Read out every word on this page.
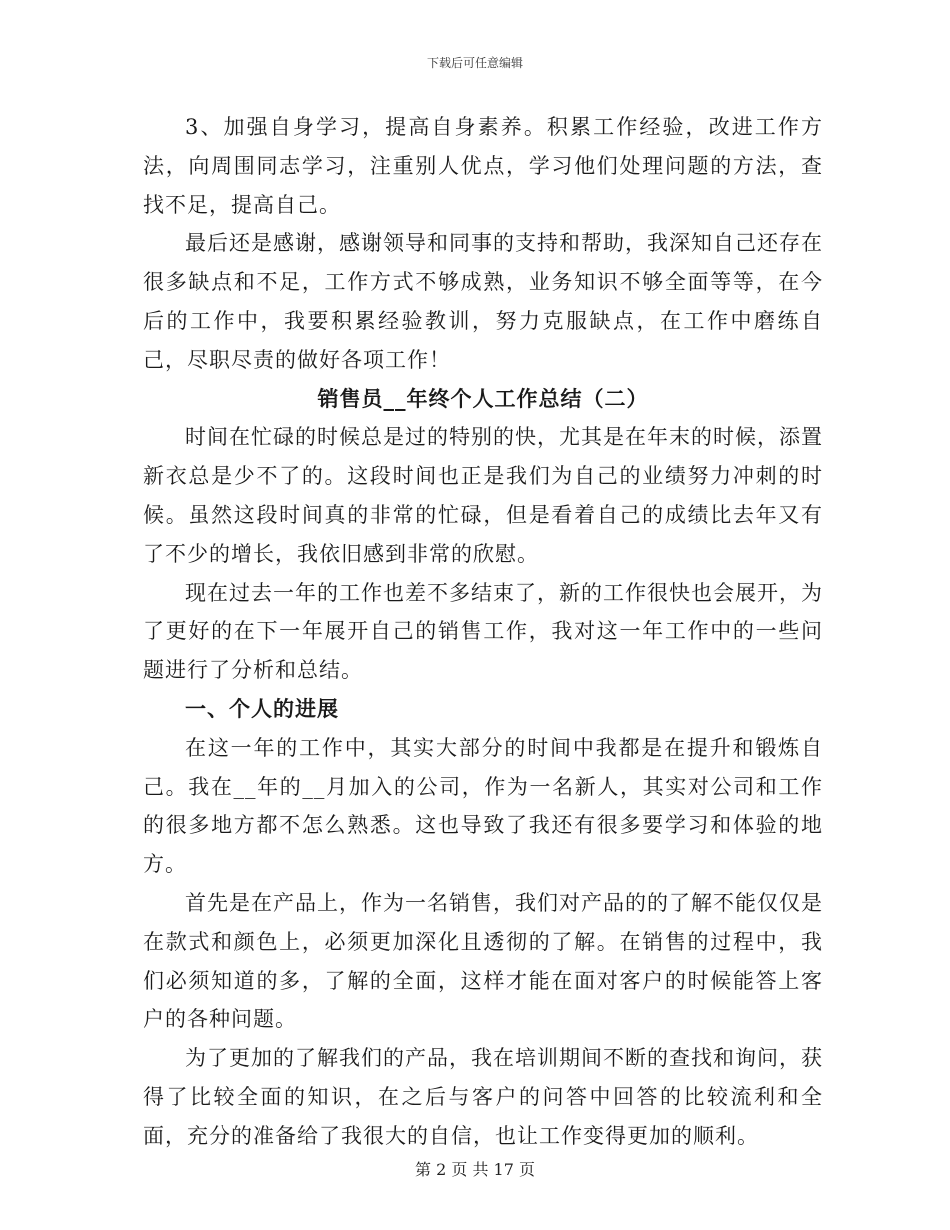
下载后可任意编辑

3、加强自身学习，提高自身素养。积累工作经验，改进工作方法，向周围同志学习，注重别人优点，学习他们处理问题的方法，查找不足，提高自己。

最后还是感谢，感谢领导和同事的支持和帮助，我深知自己还存在很多缺点和不足，工作方式不够成熟，业务知识不够全面等等，在今后的工作中，我要积累经验教训，努力克服缺点，在工作中磨练自己，尽职尽责的做好各项工作！

销售员__年终个人工作总结（二）

时间在忙碌的时候总是过的特别的快，尤其是在年末的时候，添置新衣总是少不了的。这段时间也正是我们为自己的业绩努力冲刺的时候。虽然这段时间真的非常的忙碌，但是看着自己的成绩比去年又有了不少的增长，我依旧感到非常的欣慰。

现在过去一年的工作也差不多结束了，新的工作很快也会展开，为了更好的在下一年展开自己的销售工作，我对这一年工作中的一些问题进行了分析和总结。

一、个人的进展

在这一年的工作中，其实大部分的时间中我都是在提升和锻炼自己。我在__年的__月加入的公司，作为一名新人，其实对公司和工作的很多地方都不怎么熟悉。这也导致了我还有很多要学习和体验的地方。

首先是在产品上，作为一名销售，我们对产品的的了解不能仅仅是在款式和颜色上，必须更加深化且透彻的了解。在销售的过程中，我们必须知道的多，了解的全面，这样才能在面对客户的时候能答上客户的各种问题。

为了更加的了解我们的产品，我在培训期间不断的查找和询问，获得了比较全面的知识，在之后与客户的问答中回答的比较流利和全面，充分的准备给了我很大的自信，也让工作变得更加的顺利。

第 2 页 共 17 页
